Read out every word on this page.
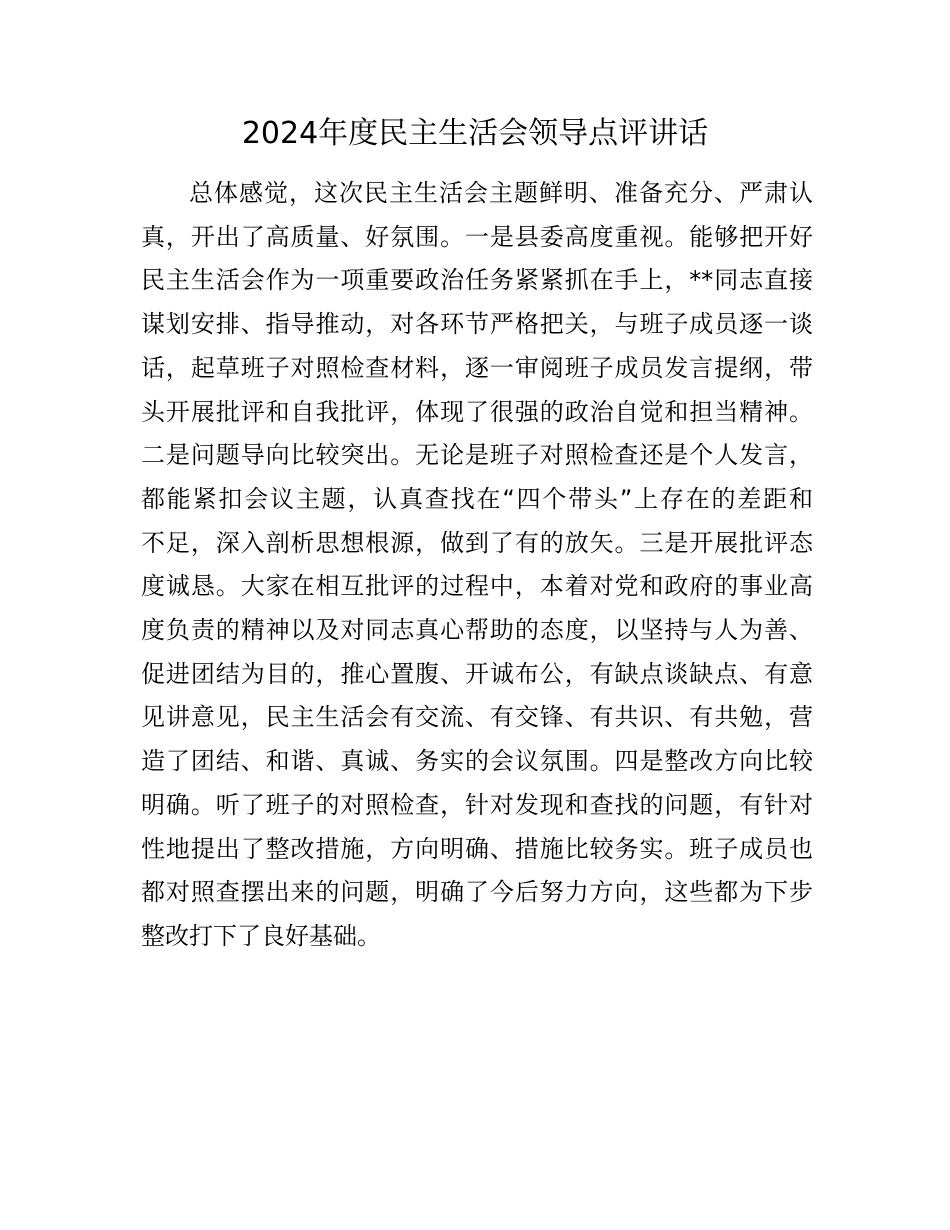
2024年度民主生活会领导点评讲话
总体感觉，这次民主生活会主题鲜明、准备充分、严肃认
真，开出了高质量、好氛围。一是县委高度重视。能够把开好
民主生活会作为一项重要政治任务紧紧抓在手上，**同志直接
谋划安排、指导推动，对各环节严格把关，与班子成员逐一谈
话，起草班子对照检查材料，逐一审阅班子成员发言提纲，带
头开展批评和自我批评，体现了很强的政治自觉和担当精神。
二是问题导向比较突出。无论是班子对照检查还是个人发言，
都能紧扣会议主题，认真查找在“四个带头”上存在的差距和
不足，深入剖析思想根源，做到了有的放矢。三是开展批评态
度诚恳。大家在相互批评的过程中，本着对党和政府的事业高
度负责的精神以及对同志真心帮助的态度，以坚持与人为善、
促进团结为目的，推心置腹、开诚布公，有缺点谈缺点、有意
见讲意见，民主生活会有交流、有交锋、有共识、有共勉，营
造了团结、和谐、真诚、务实的会议氛围。四是整改方向比较
明确。听了班子的对照检查，针对发现和查找的问题，有针对
性地提出了整改措施，方向明确、措施比较务实。班子成员也
都对照查摆出来的问题，明确了今后努力方向，这些都为下步
整改打下了良好基础。
